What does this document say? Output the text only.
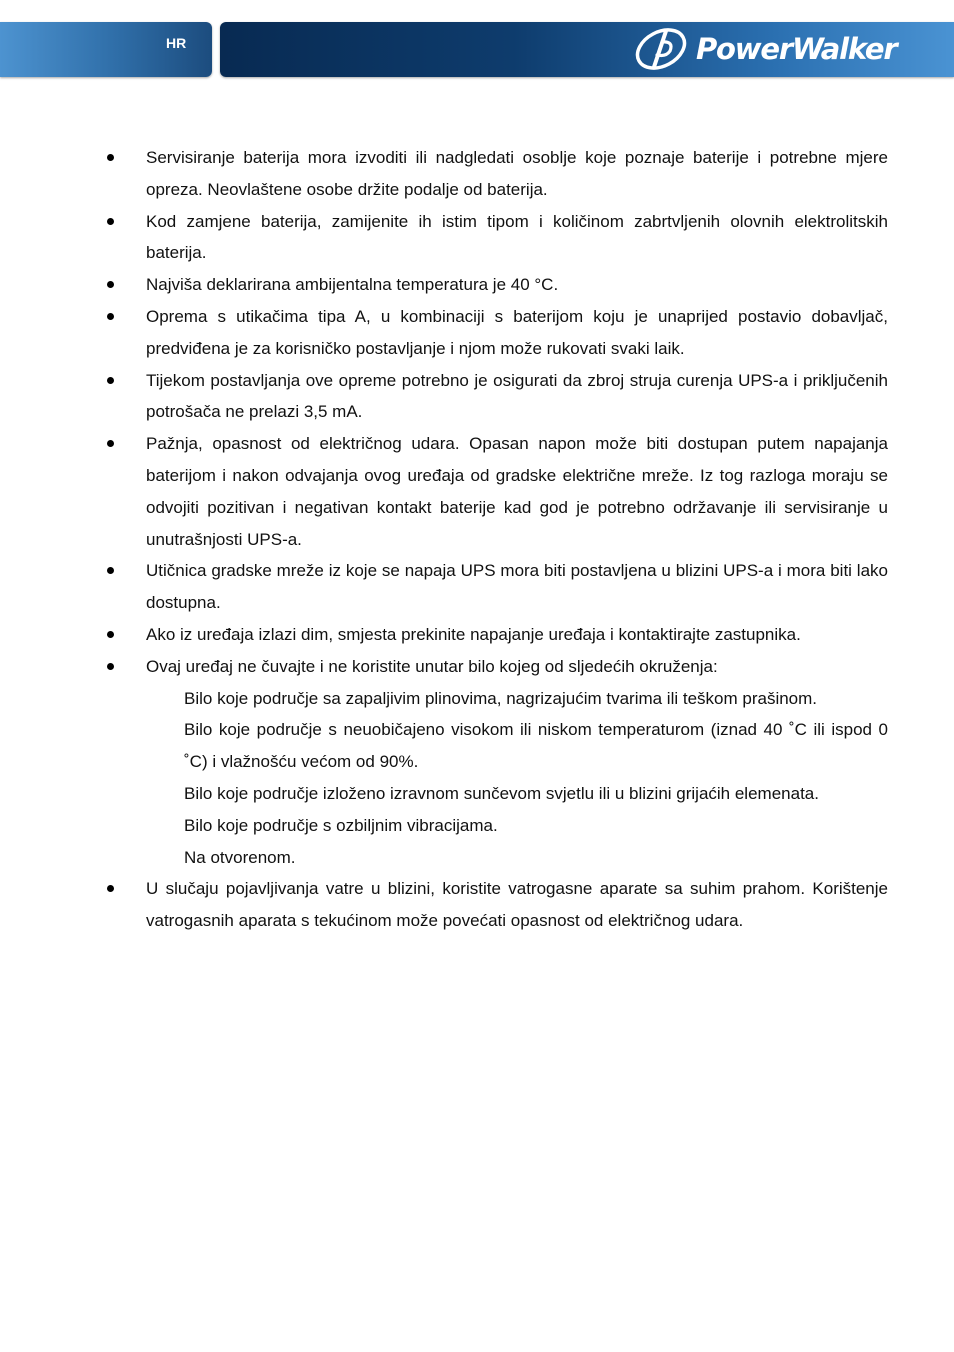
HR	PowerWalker
Servisiranje baterija mora izvoditi ili nadgledati osoblje koje poznaje baterije i potrebne mjere opreza. Neovlaštene osobe držite podalje od baterija.
Kod zamjene baterija, zamijenite ih istim tipom i količinom zabrtvljenih olovnih elektrolitskih baterija.
Najviša deklarirana ambijentalna temperatura je 40 °C.
Oprema s utikačima tipa A, u kombinaciji s baterijom koju je unaprijed postavio dobavljač, predviđena je za korisničko postavljanje i njom može rukovati svaki laik.
Tijekom postavljanja ove opreme potrebno je osigurati da zbroj struja curenja UPS-a i priključenih potrošača ne prelazi 3,5 mA.
Pažnja, opasnost od električnog udara. Opasan napon može biti dostupan putem napajanja baterijom i nakon odvajanja ovog uređaja od gradske električne mreže. Iz tog razloga moraju se odvojiti pozitivan i negativan kontakt baterije kad god je potrebno održavanje ili servisiranje u unutrašnjosti UPS-a.
Utičnica gradske mreže iz koje se napaja UPS mora biti postavljena u blizini UPS-a i mora biti lako dostupna.
Ako iz uređaja izlazi dim, smjesta prekinite napajanje uređaja i kontaktirajte zastupnika.
Ovaj uređaj ne čuvajte i ne koristite unutar bilo kojeg od sljedećih okruženja:
Bilo koje područje sa zapaljivim plinovima, nagrizajućim tvarima ili teškom prašinom.
Bilo koje područje s neuobičajeno visokom ili niskom temperaturom (iznad 40 ˚C ili ispod 0 ˚C) i vlažnošću većom od 90%.
Bilo koje područje izloženo izravnom sunčevom svjetlu ili u blizini grijaćih elemenata.
Bilo koje područje s ozbiljnim vibracijama.
Na otvorenom.
U slučaju pojavljivanja vatre u blizini, koristite vatrogasne aparate sa suhim prahom. Korištenje vatrogasnih aparata s tekućinom može povećati opasnost od električnog udara.
